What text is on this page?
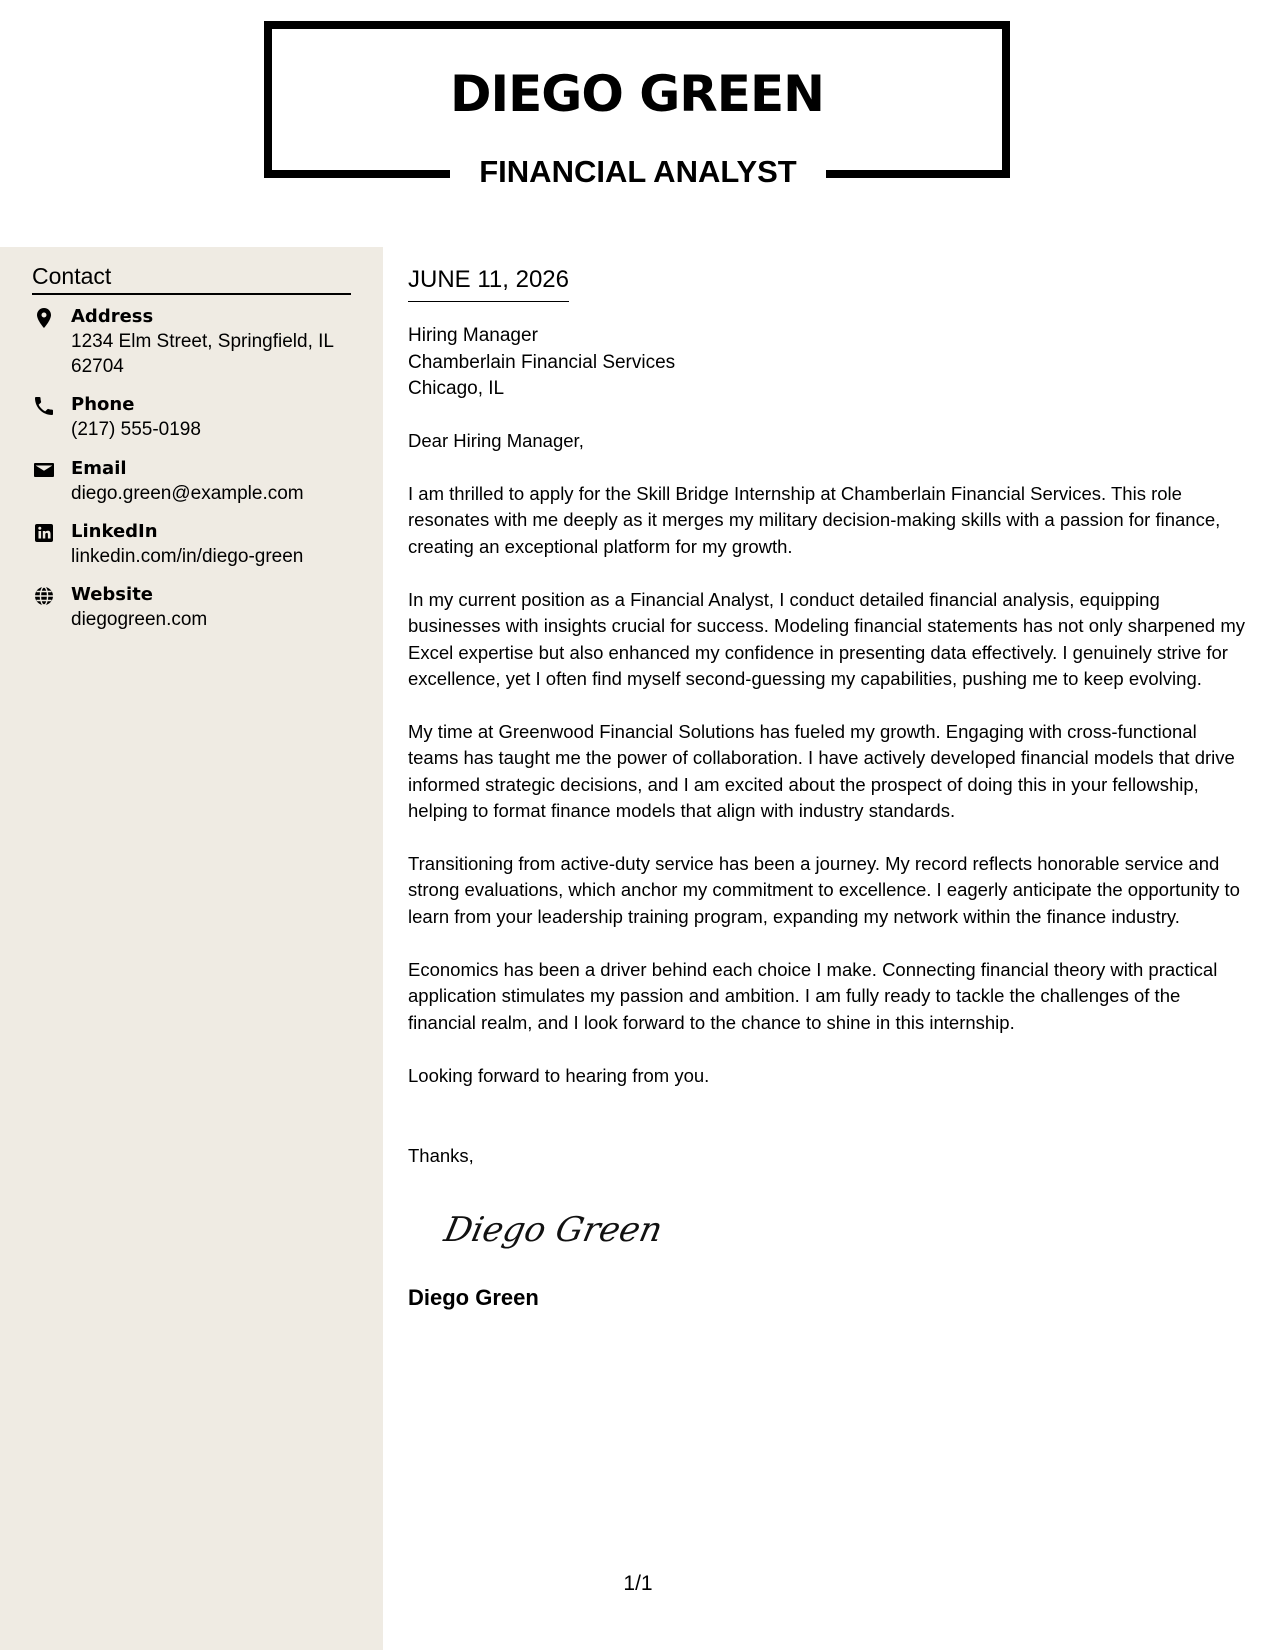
DIEGO GREEN
FINANCIAL ANALYST
Contact
Address
1234 Elm Street, Springfield, IL 62704
Phone
(217) 555-0198
Email
diego.green@example.com
LinkedIn
linkedin.com/in/diego-green
Website
diegogreen.com
JUNE 11, 2026
Hiring Manager
Chamberlain Financial Services
Chicago, IL

Dear Hiring Manager,

I am thrilled to apply for the Skill Bridge Internship at Chamberlain Financial Services. This role resonates with me deeply as it merges my military decision-making skills with a passion for finance, creating an exceptional platform for my growth.

In my current position as a Financial Analyst, I conduct detailed financial analysis, equipping businesses with insights crucial for success. Modeling financial statements has not only sharpened my Excel expertise but also enhanced my confidence in presenting data effectively. I genuinely strive for excellence, yet I often find myself second-guessing my capabilities, pushing me to keep evolving.

My time at Greenwood Financial Solutions has fueled my growth. Engaging with cross-functional teams has taught me the power of collaboration. I have actively developed financial models that drive informed strategic decisions, and I am excited about the prospect of doing this in your fellowship, helping to format finance models that align with industry standards.

Transitioning from active-duty service has been a journey. My record reflects honorable service and strong evaluations, which anchor my commitment to excellence. I eagerly anticipate the opportunity to learn from your leadership training program, expanding my network within the finance industry.

Economics has been a driver behind each choice I make. Connecting financial theory with practical application stimulates my passion and ambition. I am fully ready to tackle the challenges of the financial realm, and I look forward to the chance to shine in this internship.

Looking forward to hearing from you.

Thanks,

Diego Green
Diego Green
1/1
